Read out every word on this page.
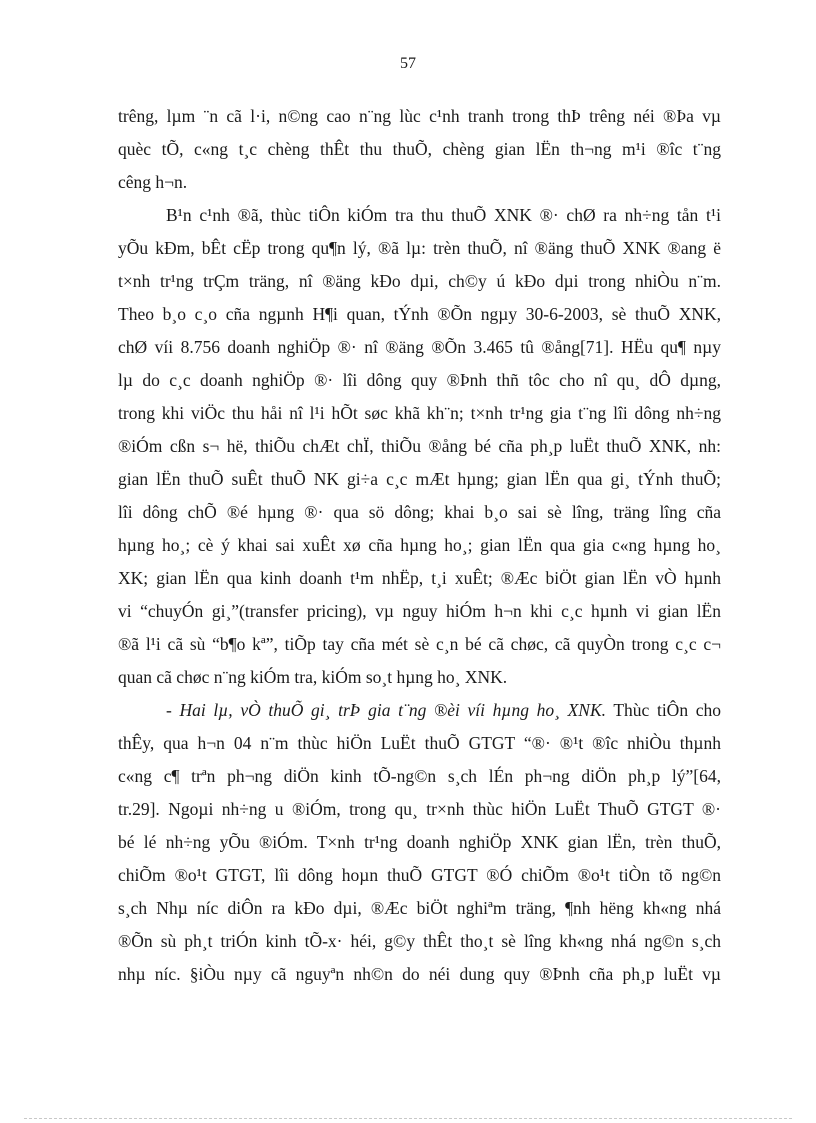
57
trêng, lµm ¨n cã l·i, n©ng cao n¨ng lùc c¹nh tranh trong thÞ trêng néi ®Þa vµ
quèc tÕ, c«ng t¸c chèng thÊt thu thuÕ, chèng gian lËn th¬ng m¹i ®îc t¨ng
cêng h¬n.
B¹n c¹nh ®ã, thùc tiÔn kiÓm tra thu thuÕ XNK ®· chØ ra nh÷ng tån t¹i
yÕu kÐm, bÊt cËp trong qu¶n lý, ®ã lµ: trèn thuÕ, nî ®äng thuÕ XNK ®ang ë
t×nh tr¹ng trÇm träng, nî ®äng kÐo dµi, ch©y ú kÐo dµi trong nhiÒu n¨m.
Theo b¸o c¸o cña ngµnh H¶i quan, tÝnh ®Õn ngµy 30-6-2003, sè thuÕ XNK,
chØ víi 8.756 doanh nghiÖp ®· nî ®äng ®Õn 3.465 tû ®ång[71]. HËu qu¶ nµy
lµ do c¸c doanh nghiÖp ®· lîi dông quy ®Þnh thñ tôc cho nî qu¸ dÔ dµng,
trong khi viÖc thu håi nî l¹i hÕt søc khã kh¨n; t×nh tr¹ng gia t¨ng lîi dông nh÷ng
®iÓm cßn s¬ hë, thiÕu chÆt chÏ, thiÕu ®ång bé cña ph¸p luËt thuÕ XNK, nh:
gian lËn thuÕ suÊt thuÕ NK gi÷a c¸c mÆt hµng; gian lËn qua gi¸ tÝnh thuÕ;
lîi dông chÕ ®é hµng ®· qua sö dông; khai b¸o sai sè lîng, träng lîng cña
hµng ho¸; cè ý khai sai xuÊt xø cña hµng ho¸; gian lËn qua gia c«ng hµng ho¸
XK; gian lËn qua kinh doanh t¹m nhËp, t¸i xuÊt; ®Æc biÖt gian lËn vÒ hµnh
vi “chuyÓn gi¸”(transfer pricing), vµ nguy hiÓm h¬n khi c¸c hµnh vi gian lËn
®ã l¹i cã sù “b¶o kª”, tiÕp tay cña mét sè c¸n bé cã chøc, cã quyÒn trong c¸c c¬
quan cã chøc n¨ng kiÓm tra, kiÓm so¸t hµng ho¸ XNK.
- Hai lµ, vÒ thuÕ gi¸ trÞ gia t¨ng ®èi víi hµng ho¸ XNK. Thùc tiÔn cho
thÊy, qua h¬n 04 n¨m thùc hiÖn LuËt thuÕ GTGT “®· ®¹t ®îc nhiÒu thµnh
c«ng c¶ trªn ph¬ng diÖn kinh tÕ-ng©n s¸ch lÉn ph¬ng diÖn ph¸p lý”[64,
tr.29]. Ngoµi nh÷ng u ®iÓm, trong qu¸ tr×nh thùc hiÖn LuËt ThuÕ GTGT ®·
bé lé nh÷ng yÕu ®iÓm. T×nh tr¹ng doanh nghiÖp XNK gian lËn, trèn thuÕ,
chiÕm ®o¹t GTGT, lîi dông hoµn thuÕ GTGT ®Ó chiÕm ®o¹t tiÒn tõ ng©n
s¸ch Nhµ níc diÔn ra kÐo dµi, ®Æc biÖt nghiªm träng, ¶nh hëng kh«ng nhá
®Õn sù ph¸t triÓn kinh tÕ-x· héi, g©y thÊt tho¸t sè lîng kh«ng nhá ng©n s¸ch
nhµ níc. §iÒu nµy cã nguyªn nh©n do néi dung quy ®Þnh cña ph¸p luËt vµ
